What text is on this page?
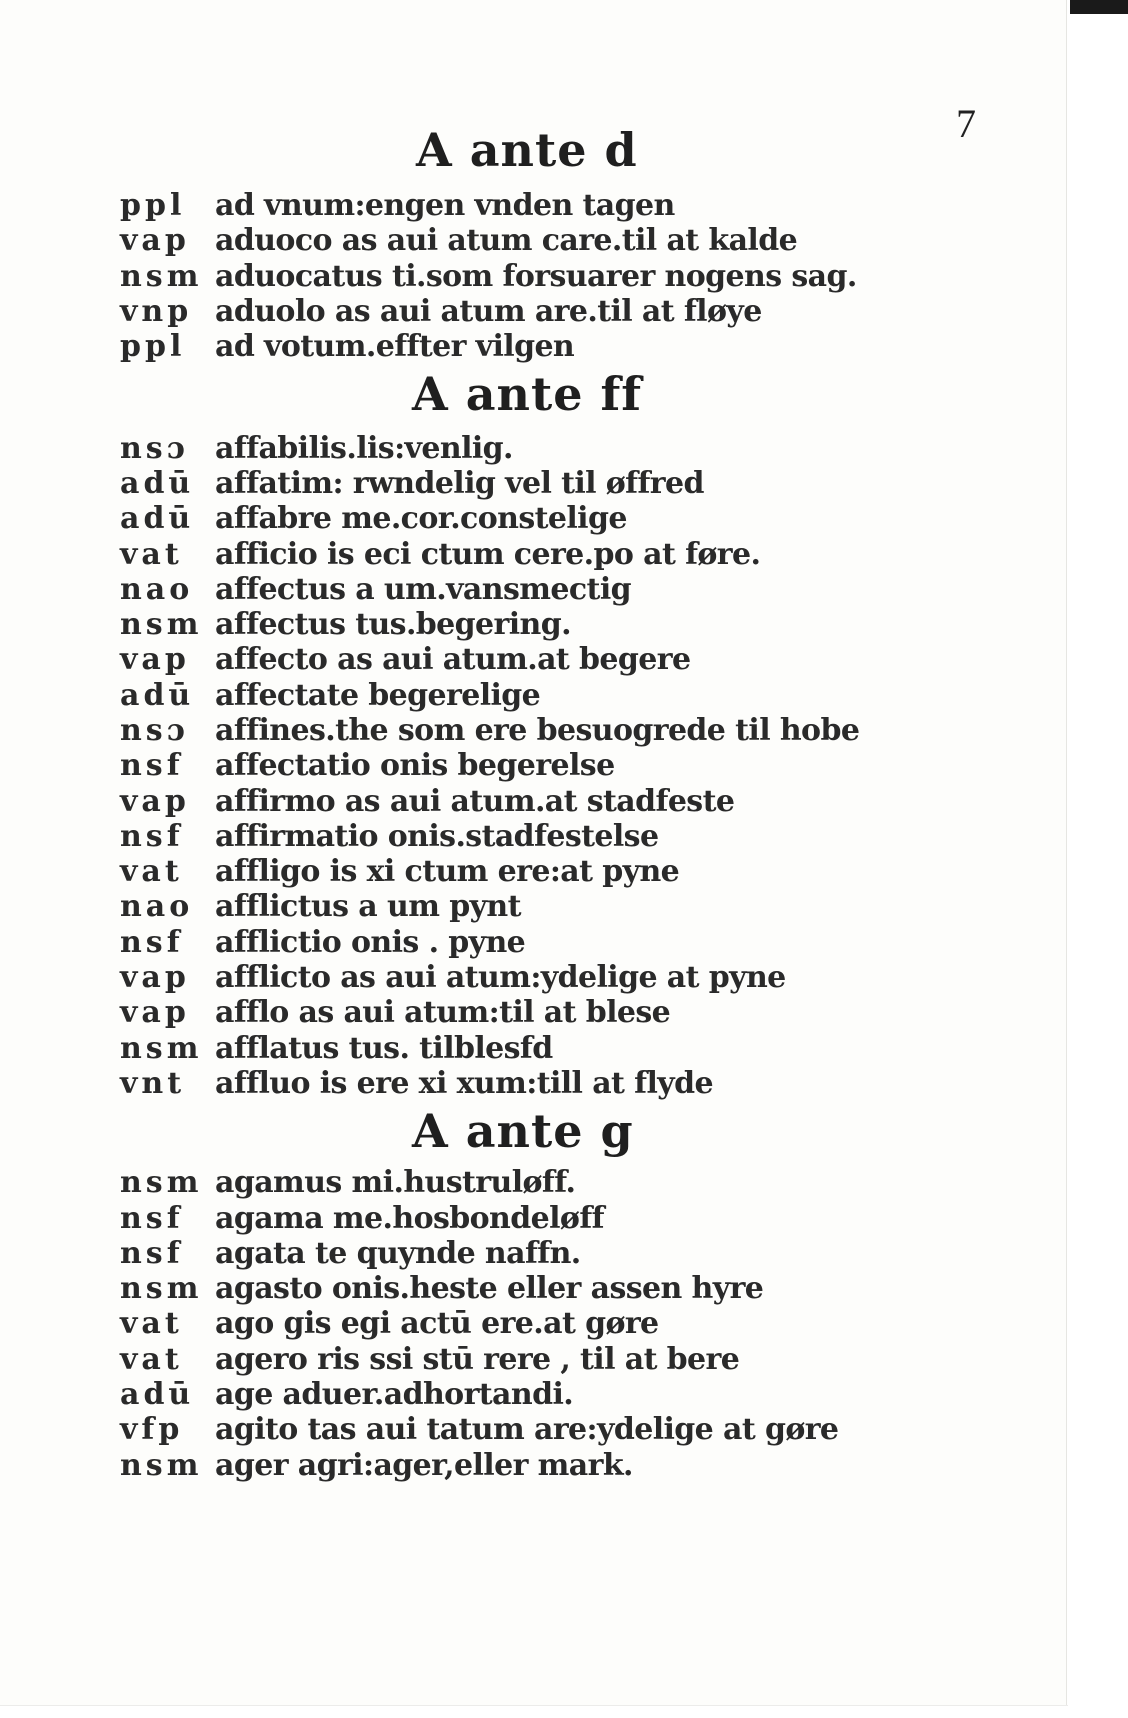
7
A ante d
ppl ad vnum:engen vnden tagen
vap aduoco as aui atum care.til at kalde
nsm aduocatus ti.som forsuarer nogens sag.
vnp aduolo as aui atum are.til at fløye
ppl ad votum.effter vilgen
A ante ff
nsɔ affabilis.lis:venlig.
adū affatim: rwndelig vel til øffred
adū affabre me.cor.constelige
vat	afficio is eci ctum cere.po at føre.
nao affectus a um.vansmectig
nsm affectus tus.begering.
vap affecto as aui atum.at begere
adū affectate begerelige
nsɔ affines.the som ere besuogrede til hobe
nsf	affectatio onis begerelse
vap affirmo as aui atum.at stadfeste
nsf	affirmatio onis.stadfestelse
vat	affligo is xi ctum ere:at pyne
nao afflictus a um pynt
nsf	afflictio onis . pyne
vap afflicto as aui atum:ydelige at pyne
vap afflo as aui atum:til at blese
nsm afflatus tus. tilblesfd
vnt affluo is ere xi xum:till at flyde
A ante g
nsm agamus mi.hustruløff.
nsf	agama me.hosbondeløff
nsf	agata te quynde naffn.
nsm agasto onis.heste eller assen hyre
vat	ago gis egi actū ere.at gøre
vat	agero ris ssi stū rere , til at bere
adū age aduer.adhortandi.
vfp	agito tas aui tatum are:ydelige at gøre
nsm ager agri:ager,eller mark.
